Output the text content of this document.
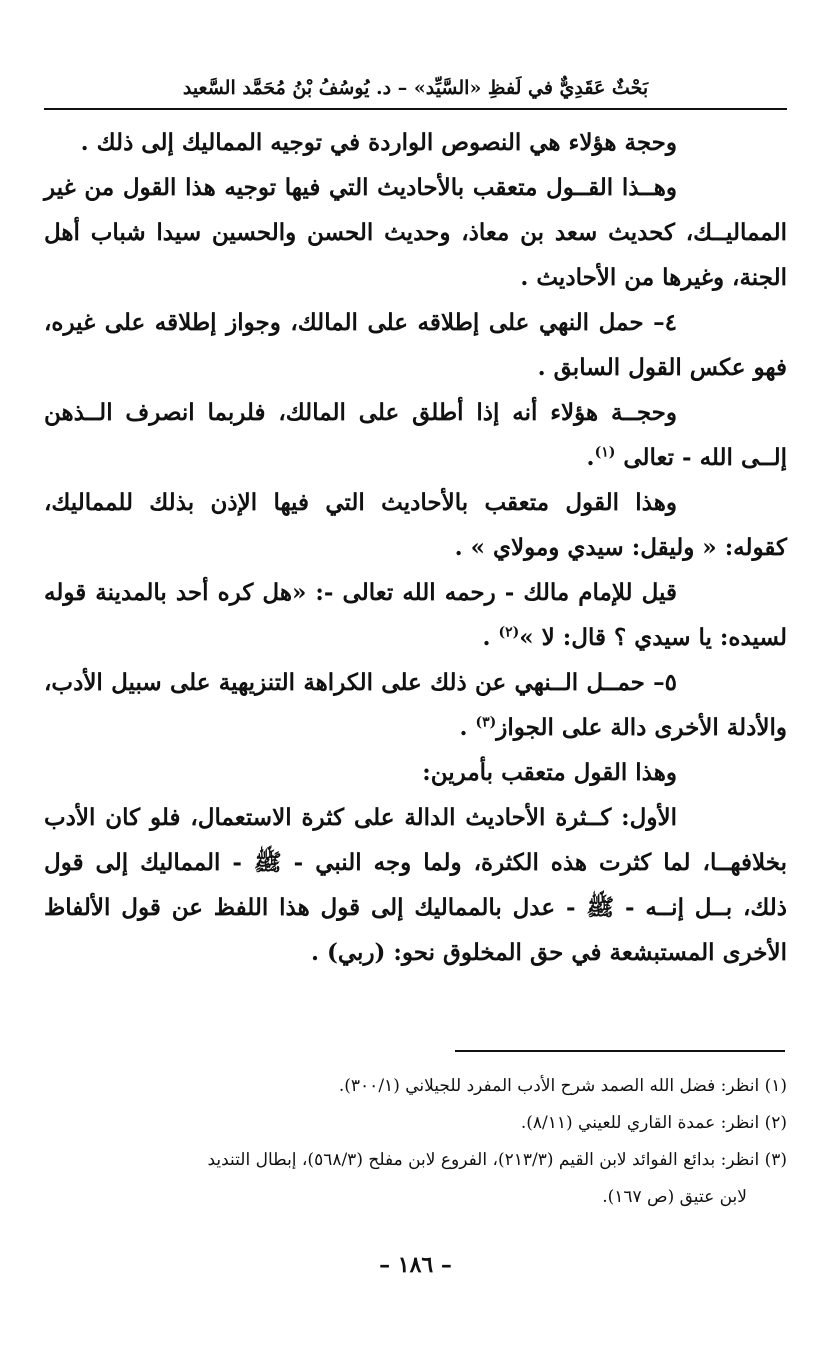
بَحْثٌ عَقَدِيٌّ في لَفظِ «السَّيِّد» – د. يُوسُفُ بْنُ مُحَمَّد السَّعيد

وحجة هؤلاء هي النصوص الواردة في توجيه المماليك إلى ذلك .

وهــذا القــول متعقب بالأحاديث التي فيها توجيه هذا القول من غير المماليــك، كحديث سعد بن معاذ، وحديث الحسن والحسين سيدا شباب أهل الجنة، وغيرها من الأحاديث .

٤– حمل النهي على إطلاقه على المالك، وجواز إطلاقه على غيره، فهو عكس القول السابق .

وحجــة هؤلاء أنه إذا أطلق على المالك، فلربما انصرف الــذهن إلــى الله - تعالى $^{(١)}$.

وهذا القول متعقب بالأحاديث التي فيها الإذن بذلك للمماليك، كقوله: « وليقل: سيدي ومولاي » .

قيل للإمام مالك - رحمه الله تعالى -: «هل كره أحد بالمدينة قوله لسيده: يا سيدي ؟ قال: لا »$^{(٢)}$ .

٥– حمــل الــنهي عن ذلك على الكراهة التنزيهية على سبيل الأدب، والأدلة الأخرى دالة على الجواز$^{(٣)}$ .

وهذا القول متعقب بأمرين:

الأول: كــثرة الأحاديث الدالة على كثرة الاستعمال، فلو كان الأدب بخلافهــا، لما كثرت هذه الكثرة، ولما وجه النبي - ﷺ - المماليك إلى قول ذلك، بــل إنــه - ﷺ - عدل بالمماليك إلى قول هذا اللفظ عن قول الألفاظ الأخرى المستبشعة في حق المخلوق نحو: (ربي) .

(١) انظر: فضل الله الصمد شرح الأدب المفرد للجيلاني (٣٠٠/١).

(٢) انظر: عمدة القاري للعيني (٨/١١).

(٣) انظر: بدائع الفوائد لابن القيم (٢١٣/٣)، الفروع لابن مفلح (٥٦٨/٣)، إبطال التنديد

لابن عتيق (ص ١٦٧).

– ١٨٦ –
